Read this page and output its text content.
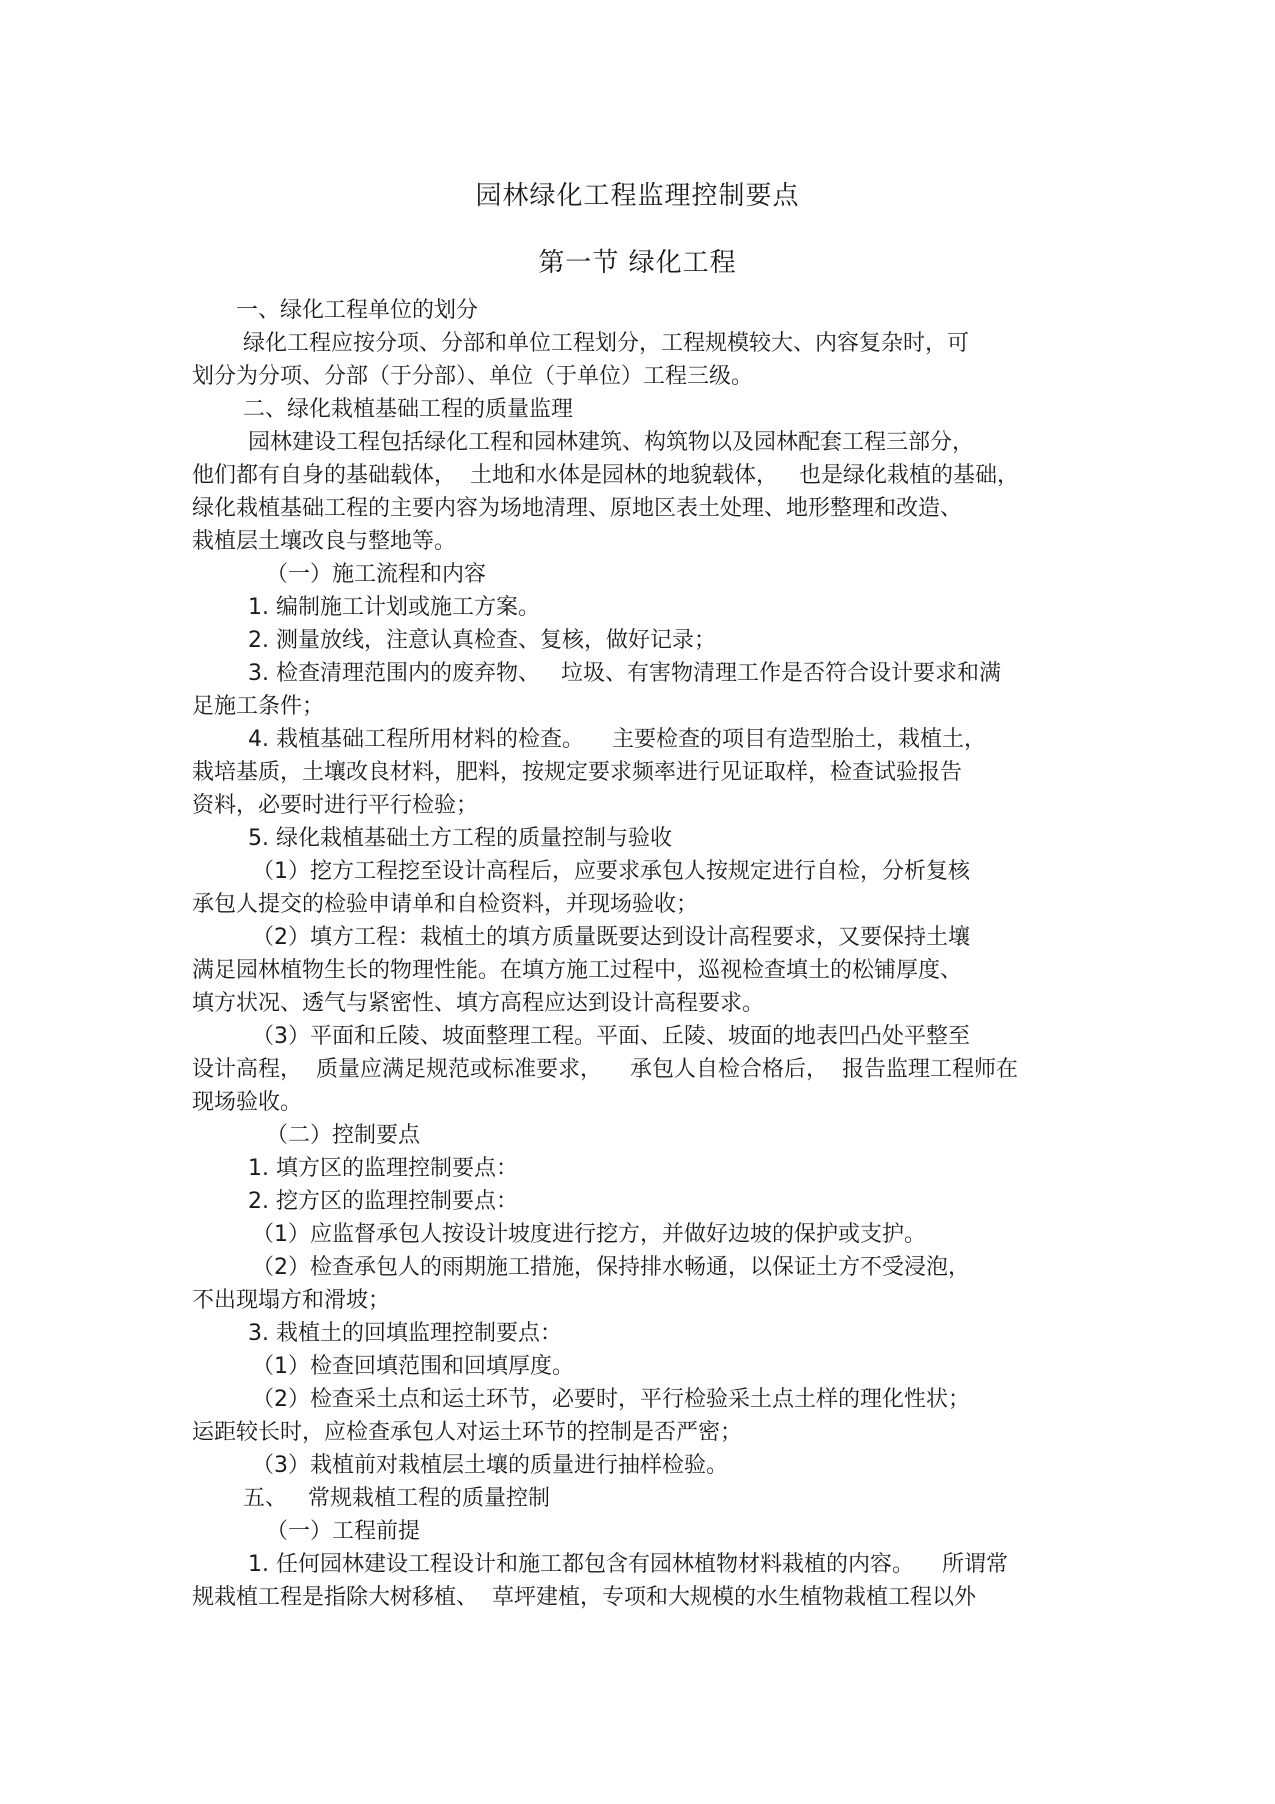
园林绿化工程监理控制要点
第一节 绿化工程
一、绿化工程单位的划分
绿化工程应按分项、分部和单位工程划分，工程规模较大、内容复杂时，可
划分为分项、分部（于分部）、单位（于单位）工程三级。
二、绿化栽植基础工程的质量监理
园林建设工程包括绿化工程和园林建筑、构筑物以及园林配套工程三部分，
他们都有自身的基础载体，  土地和水体是园林的地貌载体，   也是绿化栽植的基础，
绿化栽植基础工程的主要内容为场地清理、原地区表土处理、地形整理和改造、
栽植层土壤改良与整地等。
（一）施工流程和内容
1. 编制施工计划或施工方案。
2. 测量放线，注意认真检查、复核，做好记录；
3. 检查清理范围内的废弃物、   垃圾、有害物清理工作是否符合设计要求和满
足施工条件；
4. 栽植基础工程所用材料的检查。    主要检查的项目有造型胎土，栽植土，
栽培基质，土壤改良材料，肥料，按规定要求频率进行见证取样，检查试验报告
资料，必要时进行平行检验；
5. 绿化栽植基础土方工程的质量控制与验收
（1）挖方工程挖至设计高程后，应要求承包人按规定进行自检，分析复核
承包人提交的检验申请单和自检资料，并现场验收；
（2）填方工程：栽植土的填方质量既要达到设计高程要求，又要保持土壤
满足园林植物生长的物理性能。在填方施工过程中，巡视检查填土的松铺厚度、
填方状况、透气与紧密性、填方高程应达到设计高程要求。
（3）平面和丘陵、坡面整理工程。平面、丘陵、坡面的地表凹凸处平整至
设计高程，  质量应满足规范或标准要求，    承包人自检合格后，  报告监理工程师在
现场验收。
（二）控制要点
1. 填方区的监理控制要点：
2. 挖方区的监理控制要点：
（1）应监督承包人按设计坡度进行挖方，并做好边坡的保护或支护。
（2）检查承包人的雨期施工措施，保持排水畅通，以保证土方不受浸泡，
不出现塌方和滑坡；
3. 栽植土的回填监理控制要点：
（1）检查回填范围和回填厚度。
（2）检查采土点和运土环节，必要时，平行检验采土点土样的理化性状；
运距较长时，应检查承包人对运土环节的控制是否严密；
（3）栽植前对栽植层土壤的质量进行抽样检验。
五、   常规栽植工程的质量控制
（一）工程前提
1. 任何园林建设工程设计和施工都包含有园林植物材料栽植的内容。    所谓常
规栽植工程是指除大树移植、  草坪建植，专项和大规模的水生植物栽植工程以外
